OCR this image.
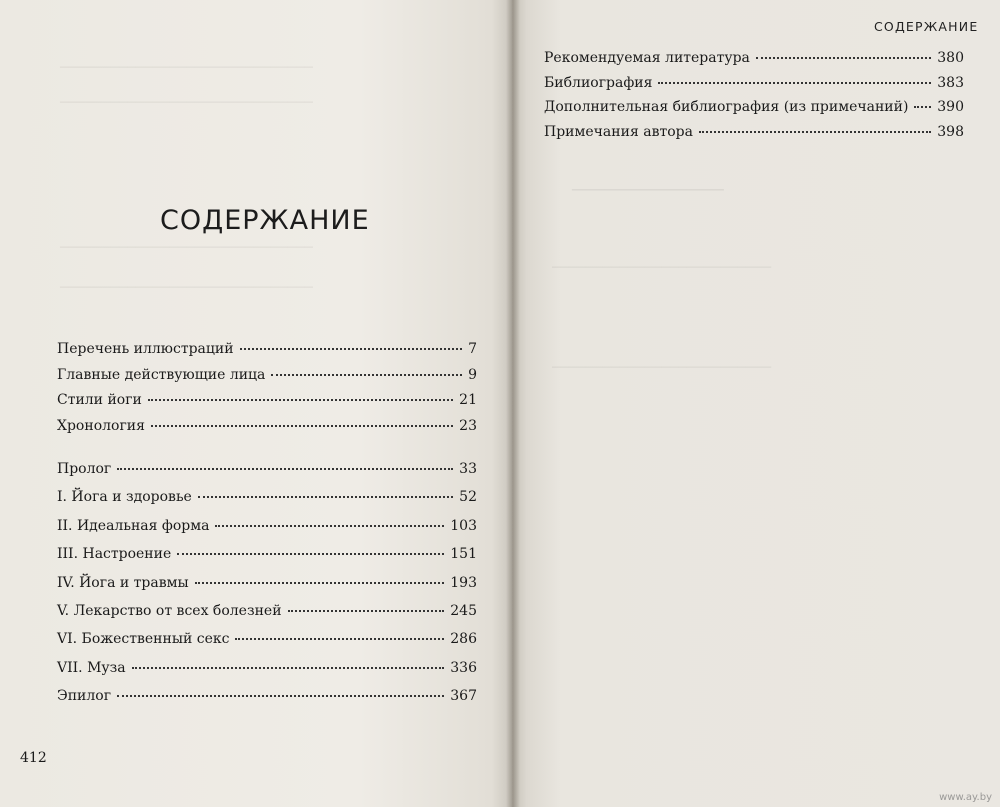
──────────────────────────────
──────────────────────────────
──────────────────────────────
──────────────────────────────
СОДЕРЖАНИЕ
Перечень иллюстраций	7
Главные действующие лица	9
Стили йоги	21
Хронология	23
Пролог	33
I. Йога и здоровье	52
II. Идеальная форма	103
III. Настроение	151
IV. Йога и травмы	193
V. Лекарство от всех болезней	245
VI. Божественный секс	286
VII. Муза	336
Эпилог	367
412
──────────────
──────────────────────────
──────────────────────────
СОДЕРЖАНИЕ
Рекомендуемая литература	380
Библиография	383
Дополнительная библиография (из примечаний) 390
Примечания автора	398
www.ay.by
